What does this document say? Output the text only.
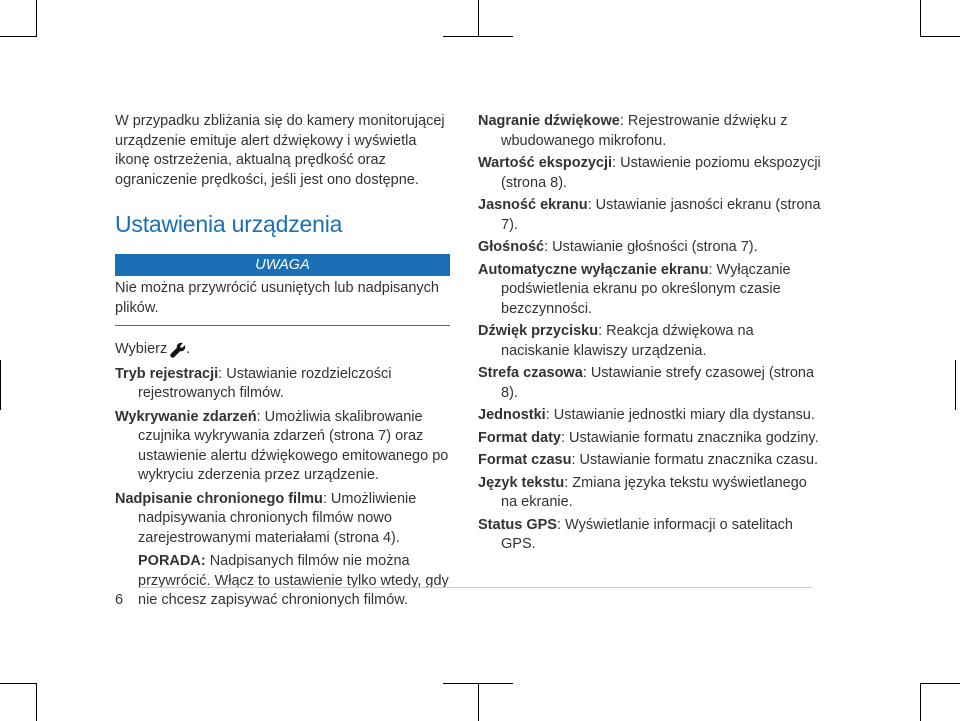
W przypadku zbliżania się do kamery monitorującej urządzenie emituje alert dźwiękowy i wyświetla ikonę ostrzeżenia, aktualną prędkość oraz ograniczenie prędkości, jeśli jest ono dostępne.

Ustawienia urządzenia
UWAGA

Nie można przywrócić usuniętych lub nadpisanych plików.

Wybierz .

Tryb rejestracji: Ustawianie rozdzielczości rejestrowanych filmów.

Wykrywanie zdarzeń: Umożliwia skalibrowanie czujnika wykrywania zdarzeń (strona 7) oraz ustawienie alertu dźwiękowego emitowanego po wykryciu zderzenia przez urządzenie.

Nadpisanie chronionego filmu: Umożliwienie nadpisywania chronionych filmów nowo zarejestrowanymi materiałami (strona 4).

PORADA: Nadpisanych filmów nie można przywrócić. Włącz to ustawienie tylko wtedy, gdy nie chcesz zapisywać chronionych filmów.

Nagranie dźwiękowe: Rejestrowanie dźwięku z wbudowanego mikrofonu.

Wartość ekspozycji: Ustawienie poziomu ekspozycji (strona 8).

Jasność ekranu: Ustawianie jasności ekranu (strona 7).

Głośność: Ustawianie głośności (strona 7).

Automatyczne wyłączanie ekranu: Wyłączanie podświetlenia ekranu po określonym czasie bezczynności.

Dźwięk przycisku: Reakcja dźwiękowa na naciskanie klawiszy urządzenia.

Strefa czasowa: Ustawianie strefy czasowej (strona 8).

Jednostki: Ustawianie jednostki miary dla dystansu.

Format daty: Ustawianie formatu znacznika godziny.

Format czasu: Ustawianie formatu znacznika czasu.

Język tekstu: Zmiana języka tekstu wyświetlanego na ekranie.

Status GPS: Wyświetlanie informacji o satelitach GPS.

6
